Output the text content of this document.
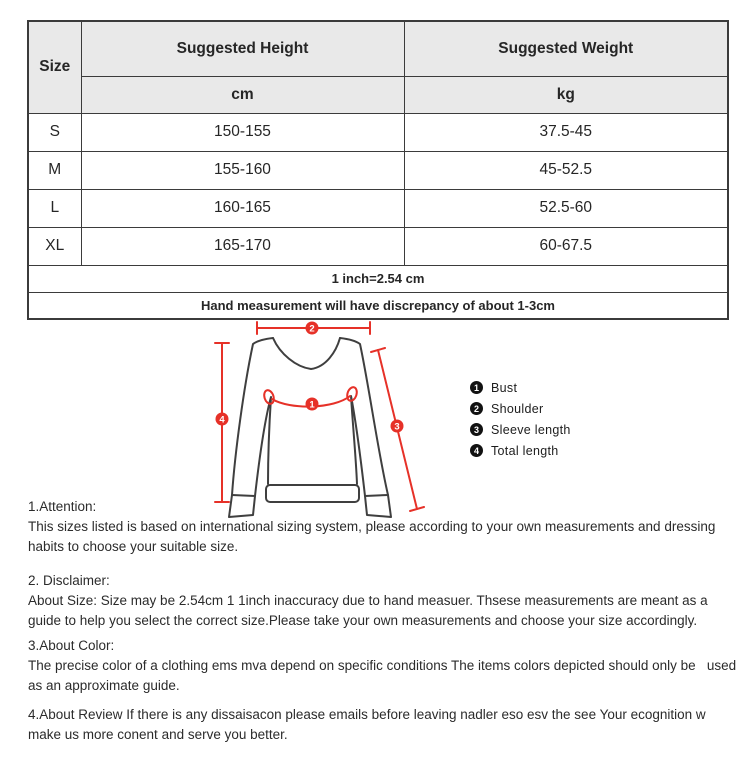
Size	Suggested Height	Suggested Weight
	cm	kg
S	150-155	37.5-45
M	155-160	45-52.5
L	160-165	52.5-60
XL	165-170	60-67.5
1 inch=2.54 cm		
Hand measurement will have discrepancy of about 1-3cm		
1
2
3
4
1 Bust
2 Shoulder
3 Sleeve length
4 Total length
1.Attention:
This sizes listed is based on international sizing system, please according to your own measurements and dressing   habits to choose your suitable size.
2. Disclaimer:
About Size: Size may be 2.54cm 1 1inch inaccuracy due to hand measuer. Thsese measurements are meant as a   guide to help you select the correct size.Please take your own measurements and choose your size accordingly.
3.About Color:
The precise color of a clothing ems mva depend on specific conditions The items colors depicted should only be   used as an approximate guide.
4.About Review If there is any dissaisacon please emails before leaving nadler eso esv the see Your ecognition w   make us more conent and serve you better.
